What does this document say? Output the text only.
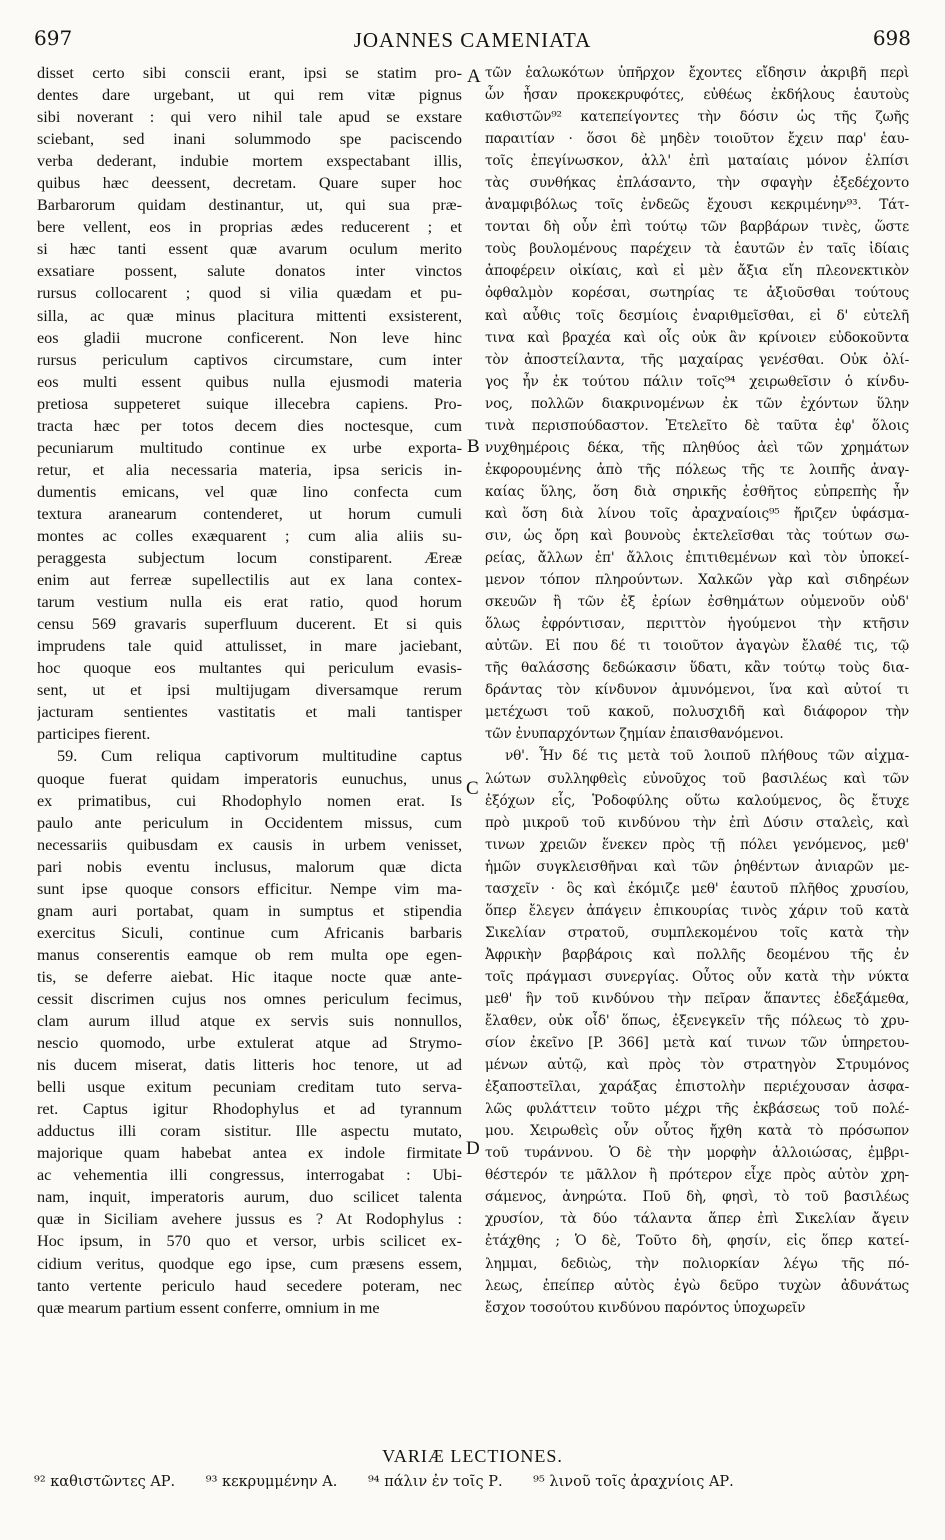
697	JOANNES CAMENIATA	698
disset certo sibi conscii erant, ipsi se statim pro-
dentes dare urgebant, ut qui rem vitæ pignus
sibi noverant : qui vero nihil tale apud se exstare
sciebant, sed inani solummodo spe paciscendo
verba dederant, indubie mortem exspectabant illis,
quibus hæc deessent, decretam. Quare super hoc
Barbarorum quidam destinantur, ut, qui sua præ-
bere vellent, eos in proprias ædes reducerent ; et
si hæc tanti essent quæ avarum oculum merito
exsatiare possent, salute donatos inter vinctos
rursus collocarent ; quod si vilia quædam et pu-
silla, ac quæ minus placitura mittenti exsisterent,
eos gladii mucrone conficerent. Non leve hinc
rursus periculum captivos circumstare, cum inter
eos multi essent quibus nulla ejusmodi materia
pretiosa suppeteret suique illecebra capiens. Pro-
tracta hæc per totos decem dies noctesque, cum
pecuniarum multitudo continue ex urbe exporta-
retur, et alia necessaria materia, ipsa sericis in-
dumentis emicans, vel quæ lino confecta cum
textura aranearum contenderet, ut horum cumuli
montes ac colles exæquarent ; cum alia aliis su-
peraggesta subjectum locum constiparent. Æreæ
enim aut ferreæ supellectilis aut ex lana contex-
tarum vestium nulla eis erat ratio, quod horum
censu 569 gravaris superfluum ducerent. Et si quis
imprudens tale quid attulisset, in mare jaciebant,
hoc quoque eos multantes qui periculum evasis-
sent, ut et ipsi multijugam diversamque rerum
jacturam sentientes vastitatis et mali tantisper
participes fierent.
59. Cum reliqua captivorum multitudine captus
quoque fuerat quidam imperatoris eunuchus, unus
ex primatibus, cui Rhodophylo nomen erat. Is
paulo ante periculum in Occidentem missus, cum
necessariis quibusdam ex causis in urbem venisset,
pari nobis eventu inclusus, malorum quæ dicta
sunt ipse quoque consors efficitur. Nempe vim ma-
gnam auri portabat, quam in sumptus et stipendia
exercitus Siculi, continue cum Africanis barbaris
manus conserentis eamque ob rem multa ope egen-
tis, se deferre aiebat. Hic itaque nocte quæ ante-
cessit discrimen cujus nos omnes periculum fecimus,
clam aurum illud atque ex servis suis nonnullos,
nescio quomodo, urbe extulerat atque ad Strymo-
nis ducem miserat, datis litteris hoc tenore, ut ad
belli usque exitum pecuniam creditam tuto serva-
ret. Captus igitur Rhodophylus et ad tyrannum
adductus illi coram sistitur. Ille aspectu mutato,
majorique quam habebat antea ex indole firmitate
ac vehementia illi congressus, interrogabat : Ubi-
nam, inquit, imperatoris aurum, duo scilicet talenta
quæ in Siciliam avehere jussus es ? At Rodophylus :
Hoc ipsum, in 570 quo et versor, urbis scilicet ex-
cidium veritus, quodque ego ipse, cum præsens essem,
tanto vertente periculo haud secedere poteram, nec
quæ mearum partium essent conferre, omnium in me
τῶν ἑαλωκότων ὑπῆρχον ἔχοντες εἴδησιν ἀκριβῆ περὶ
ὧν ἦσαν προκεκρυφότες, εὐθέως ἐκδήλους ἑαυτοὺς
καθιστῶν⁹² κατεπείγοντες τὴν δόσιν ὡς τῆς ζωῆς
παραιτίαν · ὅσοι δὲ μηδὲν τοιοῦτον ἔχειν παρ' ἑαυ-
τοῖς ἐπεγίνωσκον, ἀλλ' ἐπὶ ματαίαις μόνον ἐλπίσι
τὰς συνθήκας ἐπλάσαντο, τὴν σφαγὴν ἐξεδέχοντο
ἀναμφιβόλως τοῖς ἐνδεῶς ἔχουσι κεκριμένην⁹³. Τάτ-
τονται δὴ οὖν ἐπὶ τούτῳ τῶν βαρβάρων τινὲς, ὥστε
τοὺς βουλομένους παρέχειν τὰ ἑαυτῶν ἐν ταῖς ἰδίαις
ἀποφέρειν οἰκίαις, καὶ εἰ μὲν ἄξια εἴη πλεονεκτικὸν
ὀφθαλμὸν κορέσαι, σωτηρίας τε ἀξιοῦσθαι τούτους
καὶ αὖθις τοῖς δεσμίοις ἐναριθμεῖσθαι, εἰ δ' εὐτελῆ
τινα καὶ βραχέα καὶ οἷς οὐκ ἂν κρίνοιεν εὐδοκοῦντα
τὸν ἀποστείλαντα, τῆς μαχαίρας γενέσθαι. Οὐκ ὀλί-
γος ἦν ἐκ τούτου πάλιν τοῖς⁹⁴ χειρωθεῖσιν ὁ κίνδυ-
νος, πολλῶν διακρινομένων ἐκ τῶν ἐχόντων ὕλην
τινὰ περισπούδαστον. Ἐτελεῖτο δὲ ταῦτα ἐφ' ὅλοις
νυχθημέροις δέκα, τῆς πληθύος ἀεὶ τῶν χρημάτων
ἐκφορουμένης ἀπὸ τῆς πόλεως τῆς τε λοιπῆς ἀναγ-
καίας ὕλης, ὅση διὰ σηρικῆς ἐσθῆτος εὐπρεπὴς ἦν
καὶ ὅση διὰ λίνου τοῖς ἀραχναίοις⁹⁵ ἤριζεν ὑφάσμα-
σιν, ὡς ὄρη καὶ βουνοὺς ἐκτελεῖσθαι τὰς τούτων σω-
ρείας, ἄλλων ἐπ' ἄλλοις ἐπιτιθεμένων καὶ τὸν ὑποκεί-
μενον τόπον πληρούντων. Χαλκῶν γὰρ καὶ σιδηρέων
σκευῶν ἢ τῶν ἐξ ἐρίων ἐσθημάτων οὐμενοῦν οὐδ'
ὅλως ἐφρόντισαν, περιττὸν ἡγούμενοι τὴν κτῆσιν
αὐτῶν. Εἰ που δέ τι τοιοῦτον ἀγαγὼν ἔλαθέ τις, τῷ
τῆς θαλάσσης δεδώκασιν ὕδατι, κἂν τούτῳ τοὺς δια-
δράντας τὸν κίνδυνον ἀμυνόμενοι, ἵνα καὶ αὐτοί τι
μετέχωσι τοῦ κακοῦ, πολυσχιδῆ καὶ διάφορον τὴν
τῶν ἐνυπαρχόντων ζημίαν ἐπαισθανόμενοι.
νθ'. Ἦν δέ τις μετὰ τοῦ λοιποῦ πλήθους τῶν αἰχμα-
λώτων συλληφθεὶς εὐνοῦχος τοῦ βασιλέως καὶ τῶν
ἐξόχων εἷς, Ῥοδοφύλης οὕτω καλούμενος, ὃς ἔτυχε
πρὸ μικροῦ τοῦ κινδύνου τὴν ἐπὶ Δύσιν σταλεὶς, καὶ
τινων χρειῶν ἕνεκεν πρὸς τῇ πόλει γενόμενος, μεθ'
ἡμῶν συγκλεισθῆναι καὶ τῶν ῥηθέντων ἀνιαρῶν με-
τασχεῖν · ὃς καὶ ἐκόμιζε μεθ' ἑαυτοῦ πλῆθος χρυσίου,
ὅπερ ἔλεγεν ἀπάγειν ἐπικουρίας τινὸς χάριν τοῦ κατὰ
Σικελίαν στρατοῦ, συμπλεκομένου τοῖς κατὰ τὴν
Ἀφρικὴν βαρβάροις καὶ πολλῆς δεομένου τῆς ἐν
τοῖς πράγμασι συνεργίας. Οὗτος οὖν κατὰ τὴν νύκτα
μεθ' ἣν τοῦ κινδύνου τὴν πεῖραν ἅπαντες ἐδεξάμεθα,
ἔλαθεν, οὐκ οἶδ' ὅπως, ἐξενεγκεῖν τῆς πόλεως τὸ χρυ-
σίον ἐκεῖνο [P. 366] μετὰ καί τινων τῶν ὑπηρετου-
μένων αὐτῷ, καὶ πρὸς τὸν στρατηγὸν Στρυμόνος
ἐξαποστεῖλαι, χαράξας ἐπιστολὴν περιέχουσαν ἀσφα-
λῶς φυλάττειν τοῦτο μέχρι τῆς ἐκβάσεως τοῦ πολέ-
μου. Χειρωθεὶς οὖν οὗτος ἤχθη κατὰ τὸ πρόσωπον
τοῦ τυράννου. Ὁ δὲ τὴν μορφὴν ἀλλοιώσας, ἐμβρι-
θέστερόν τε μᾶλλον ἢ πρότερον εἶχε πρὸς αὐτὸν χρη-
σάμενος, ἀνηρώτα. Ποῦ δὴ, φησὶ, τὸ τοῦ βασιλέως
χρυσίον, τὰ δύο τάλαντα ἅπερ ἐπὶ Σικελίαν ἄγειν
ἐτάχθης ; Ὁ δὲ, Τοῦτο δὴ, φησίν, εἰς ὅπερ κατεί-
λημμαι, δεδιὼς, τὴν πολιορκίαν λέγω τῆς πό-
λεως, ἐπείπερ αὐτὸς ἐγὼ δεῦρο τυχὼν ἀδυνάτως
ἔσχον τοσούτου κινδύνου παρόντος ὑποχωρεῖν
A
B
C
D
VARIÆ LECTIONES.
⁹² καθιστῶντες ΑΡ. ⁹³ κεκρυμμένην Α. ⁹⁴ πάλιν ἐν τοῖς Ρ. ⁹⁵ λινοῦ τοῖς ἀραχνίοις ΑΡ.
